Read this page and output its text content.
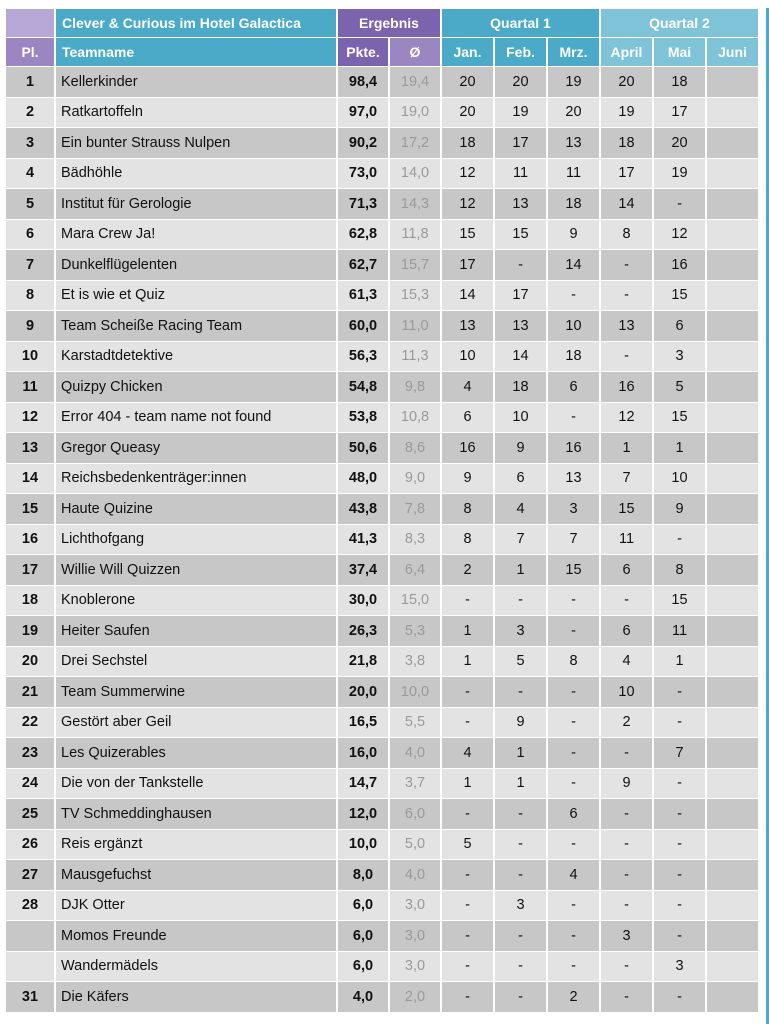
	Clever & Curious im Hotel Galactica	Ergebnis		Quartal 1			Quartal 2		
Pl.	Teamname	Pkte.	Ø	Jan.	Feb.	Mrz.	April	Mai	Juni
1	Kellerkinder	98,4	19,4	20	20	19	20	18	
2	Ratkartoffeln	97,0	19,0	20	19	20	19	17	
3	Ein bunter Strauss Nulpen	90,2	17,2	18	17	13	18	20	
4	Bädhöhle	73,0	14,0	12	11	11	17	19	
5	Institut für Gerologie	71,3	14,3	12	13	18	14	-	
6	Mara Crew Ja!	62,8	11,8	15	15	9	8	12	
7	Dunkelflügelenten	62,7	15,7	17	-	14	-	16	
8	Et is wie et Quiz	61,3	15,3	14	17	-	-	15	
9	Team Scheiße Racing Team	60,0	11,0	13	13	10	13	6	
10	Karstadtdetektive	56,3	11,3	10	14	18	-	3	
11	Quizpy Chicken	54,8	9,8	4	18	6	16	5	
12	Error 404 - team name not found	53,8	10,8	6	10	-	12	15	
13	Gregor Queasy	50,6	8,6	16	9	16	1	1	
14	Reichsbedenkenträger:innen	48,0	9,0	9	6	13	7	10	
15	Haute Quizine	43,8	7,8	8	4	3	15	9	
16	Lichthofgang	41,3	8,3	8	7	7	11	-	
17	Willie Will Quizzen	37,4	6,4	2	1	15	6	8	
18	Knoblerone	30,0	15,0	-	-	-	-	15	
19	Heiter Saufen	26,3	5,3	1	3	-	6	11	
20	Drei Sechstel	21,8	3,8	1	5	8	4	1	
21	Team Summerwine	20,0	10,0	-	-	-	10	-	
22	Gestört aber Geil	16,5	5,5	-	9	-	2	-	
23	Les Quizerables	16,0	4,0	4	1	-	-	7	
24	Die von der Tankstelle	14,7	3,7	1	1	-	9	-	
25	TV Schmeddinghausen	12,0	6,0	-	-	6	-	-	
26	Reis ergänzt	10,0	5,0	5	-	-	-	-	
27	Mausgefuchst	8,0	4,0	-	-	4	-	-	
28	DJK Otter	6,0	3,0	-	3	-	-	-	
	Momos Freunde	6,0	3,0	-	-	-	3	-	
	Wandermädels	6,0	3,0	-	-	-	-	3	
31	Die Käfers	4,0	2,0	-	-	2	-	-	
